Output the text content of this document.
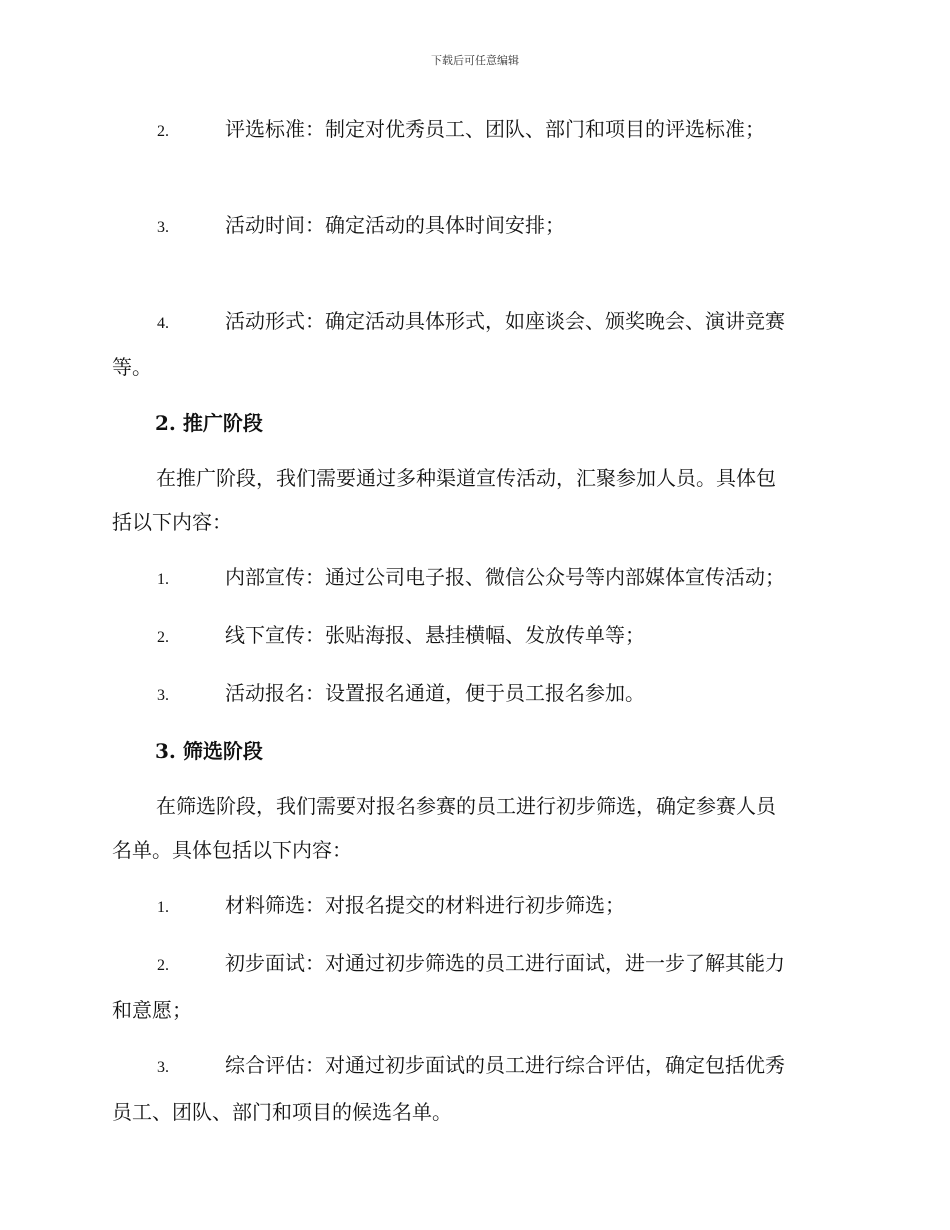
下载后可任意编辑
2.	评选标准：制定对优秀员工、团队、部门和项目的评选标准；
3.	活动时间：确定活动的具体时间安排；
4.	活动形式：确定活动具体形式，如座谈会、颁奖晚会、演讲竞赛
等。
2. 推广阶段
在推广阶段，我们需要通过多种渠道宣传活动，汇聚参加人员。具体包
括以下内容：
1.	内部宣传：通过公司电子报、微信公众号等内部媒体宣传活动；
2.	线下宣传：张贴海报、悬挂横幅、发放传单等；
3.	活动报名：设置报名通道，便于员工报名参加。
3. 筛选阶段
在筛选阶段，我们需要对报名参赛的员工进行初步筛选，确定参赛人员
名单。具体包括以下内容：
1.	材料筛选：对报名提交的材料进行初步筛选；
2.	初步面试：对通过初步筛选的员工进行面试，进一步了解其能力
和意愿；
3.	综合评估：对通过初步面试的员工进行综合评估，确定包括优秀
员工、团队、部门和项目的候选名单。
